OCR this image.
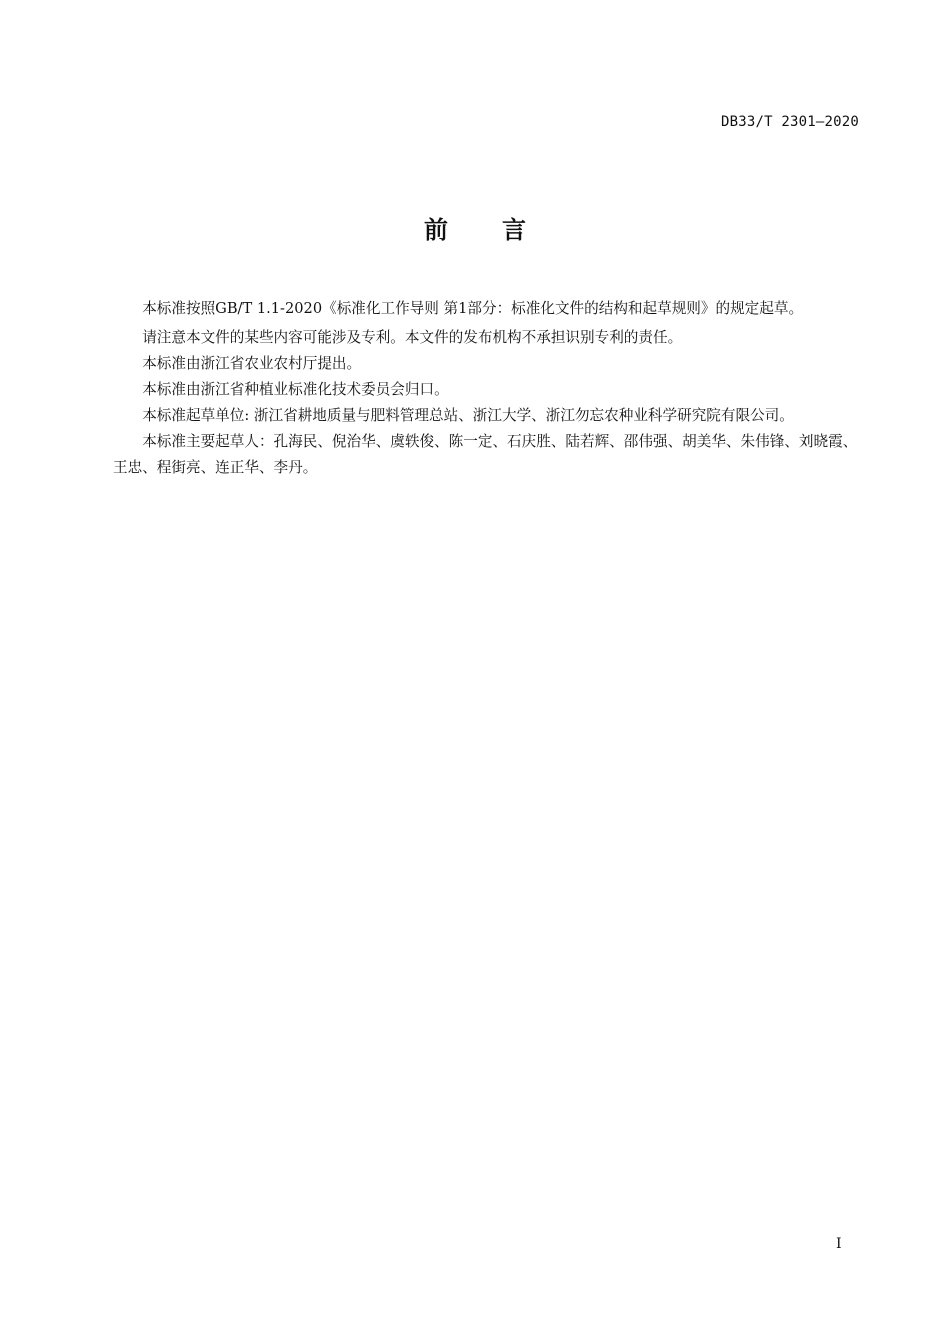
DB33/T 2301—2020
前言

本标准按照GB/T 1.1-2020《标准化工作导则 第1部分：标准化文件的结构和起草规则》的规定起草。

请注意本文件的某些内容可能涉及专利。本文件的发布机构不承担识别专利的责任。

本标准由浙江省农业农村厅提出。

本标准由浙江省种植业标准化技术委员会归口。

本标准起草单位: 浙江省耕地质量与肥料管理总站、浙江大学、浙江勿忘农种业科学研究院有限公司。

本标准主要起草人：孔海民、倪治华、虞轶俊、陈一定、石庆胜、陆若辉、邵伟强、胡美华、朱伟锋、刘晓霞、王忠、程街亮、连正华、李丹。

I
